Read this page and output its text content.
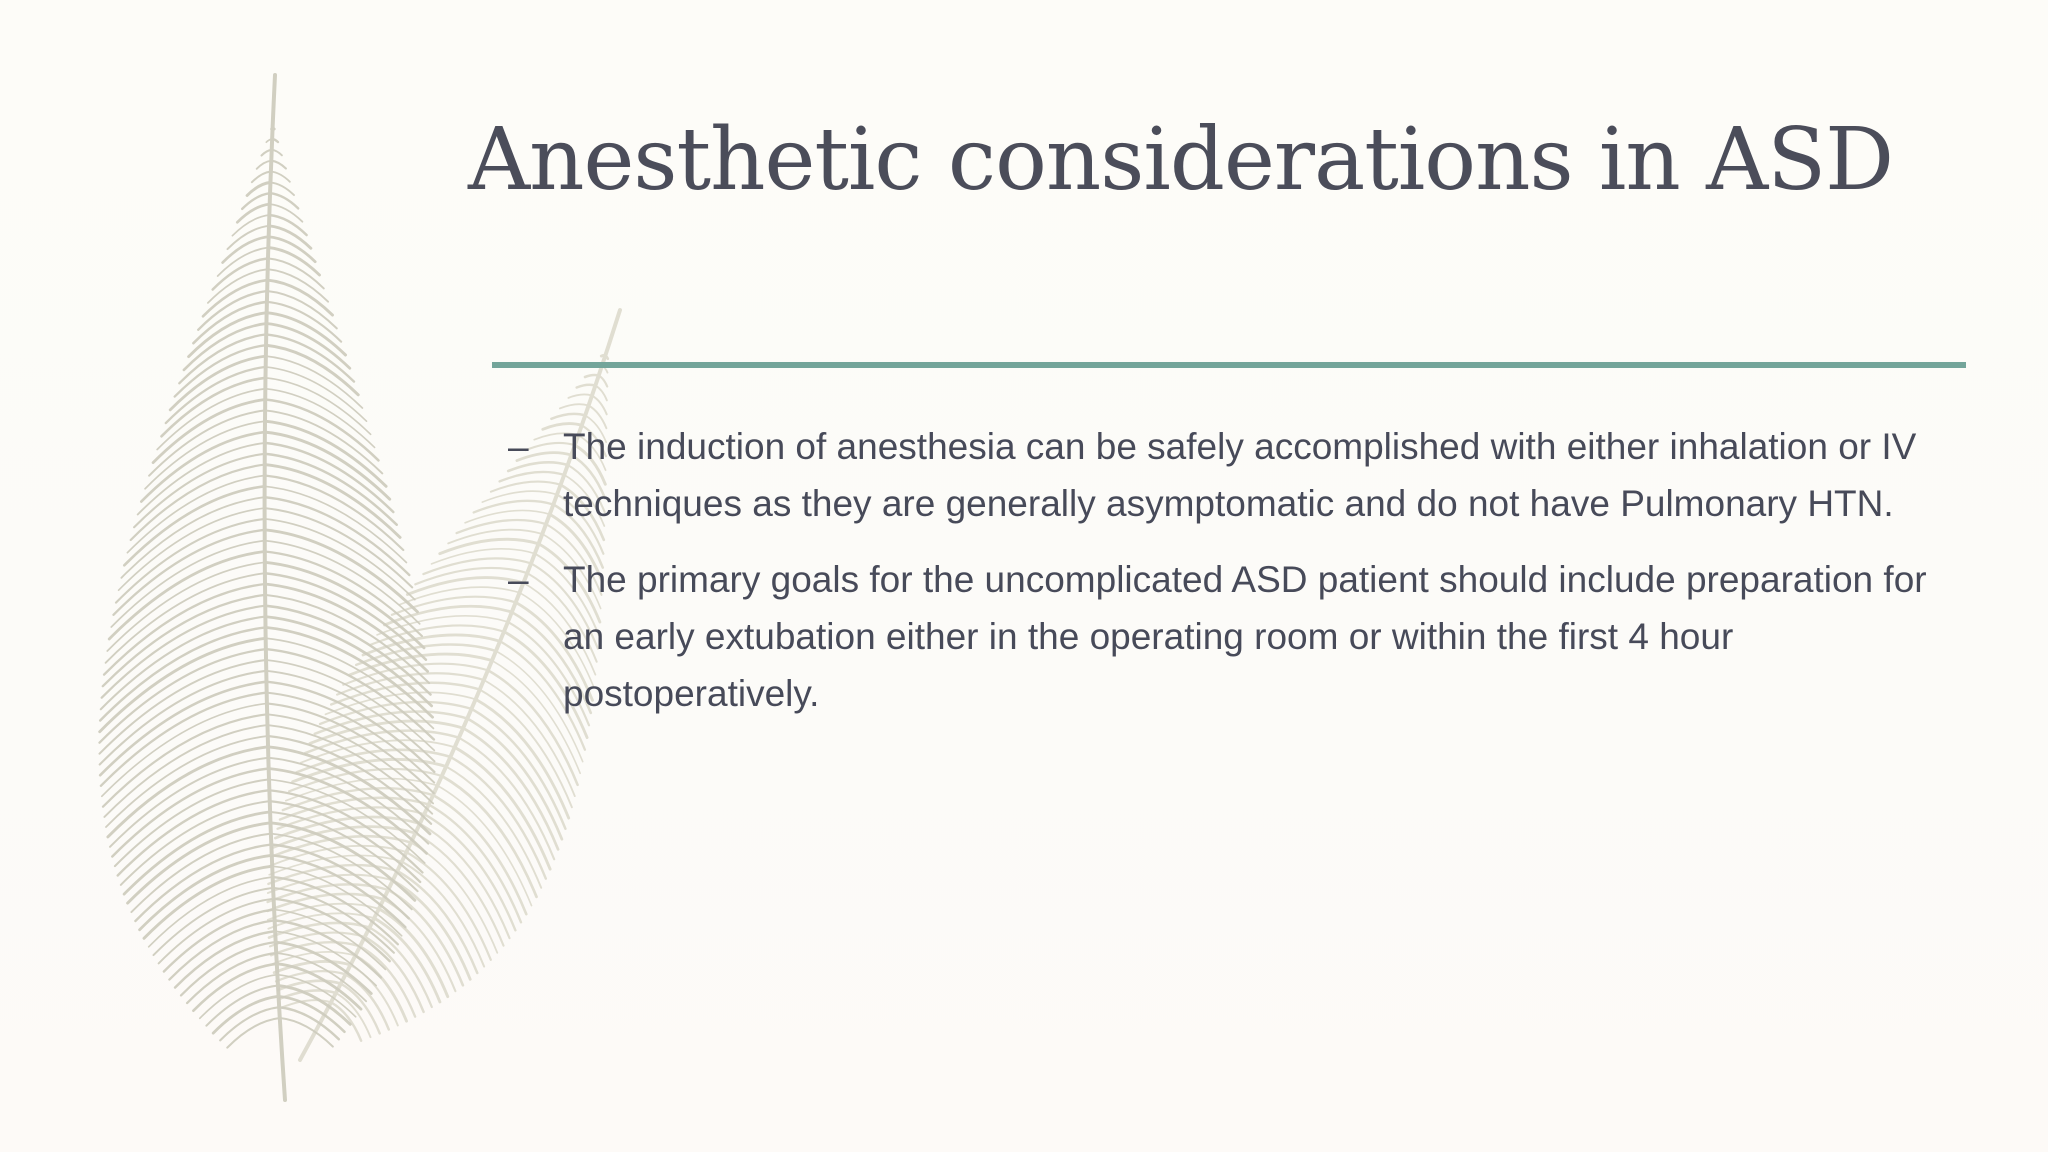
Anesthetic considerations in ASD
– The induction of anesthesia can be safely accomplished with either inhalation or IV techniques as they are generally asymptomatic and do not have Pulmonary HTN.
– The primary goals for the uncomplicated ASD patient should include preparation for an early extubation either in the operating room or within the first 4 hour postoperatively.
